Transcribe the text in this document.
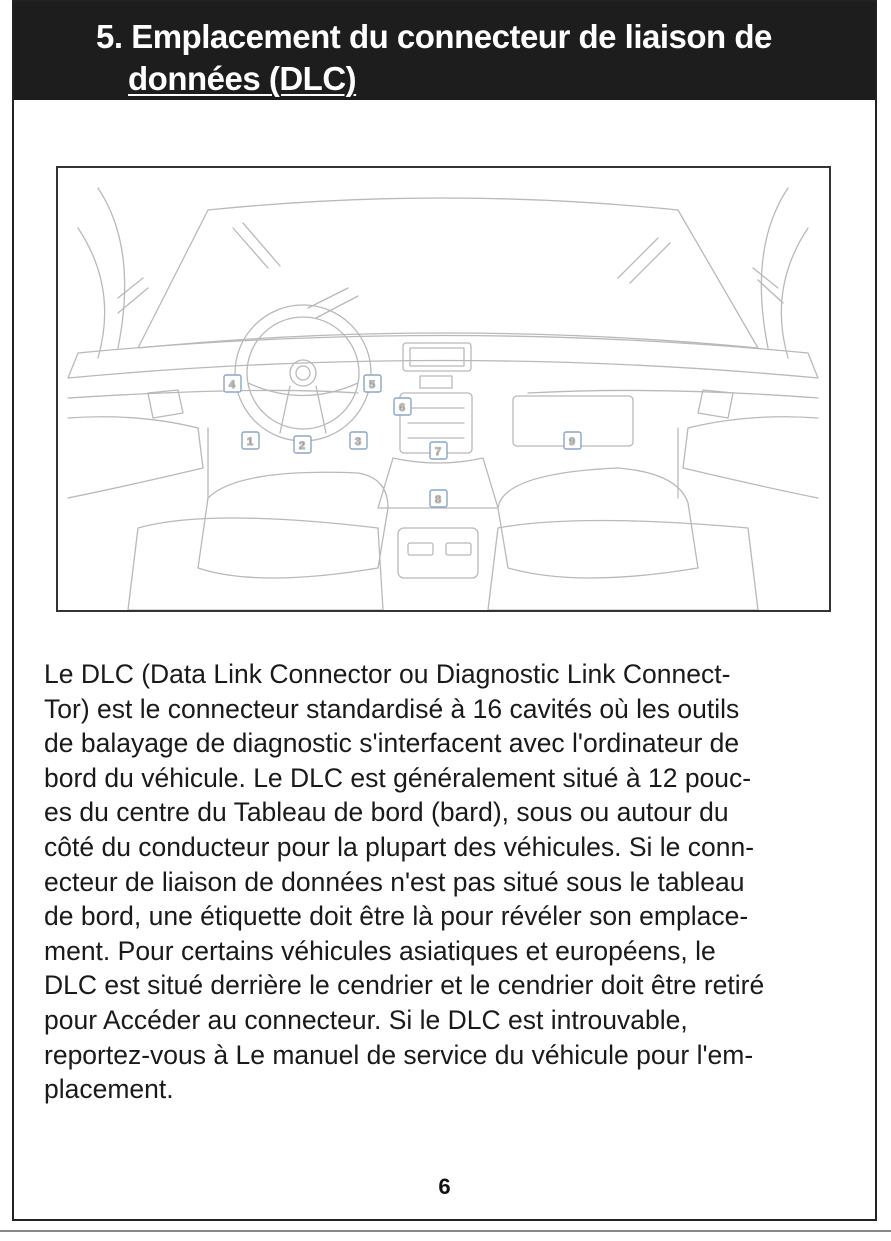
5. Emplacement du connecteur de liaison de
données (DLC)
4	5
6
1	2	3
7
8
9

Le DLC (Data Link Connector ou Diagnostic Link Connect-
Tor) est le connecteur standardisé à 16 cavités où les outils
de balayage de diagnostic s'interfacent avec l'ordinateur de
bord du véhicule. Le DLC est généralement situé à 12 pouc-
es du centre du Tableau de bord (bard), sous ou autour du
côté du conducteur pour la plupart des véhicules. Si le conn-
ecteur de liaison de données n'est pas situé sous le tableau
de bord, une étiquette doit être là pour révéler son emplace-
ment. Pour certains véhicules asiatiques et européens, le
DLC est situé derrière le cendrier et le cendrier doit être retiré
pour Accéder au connecteur. Si le DLC est introuvable,
reportez-vous à Le manuel de service du véhicule pour l'em-
placement.

6
